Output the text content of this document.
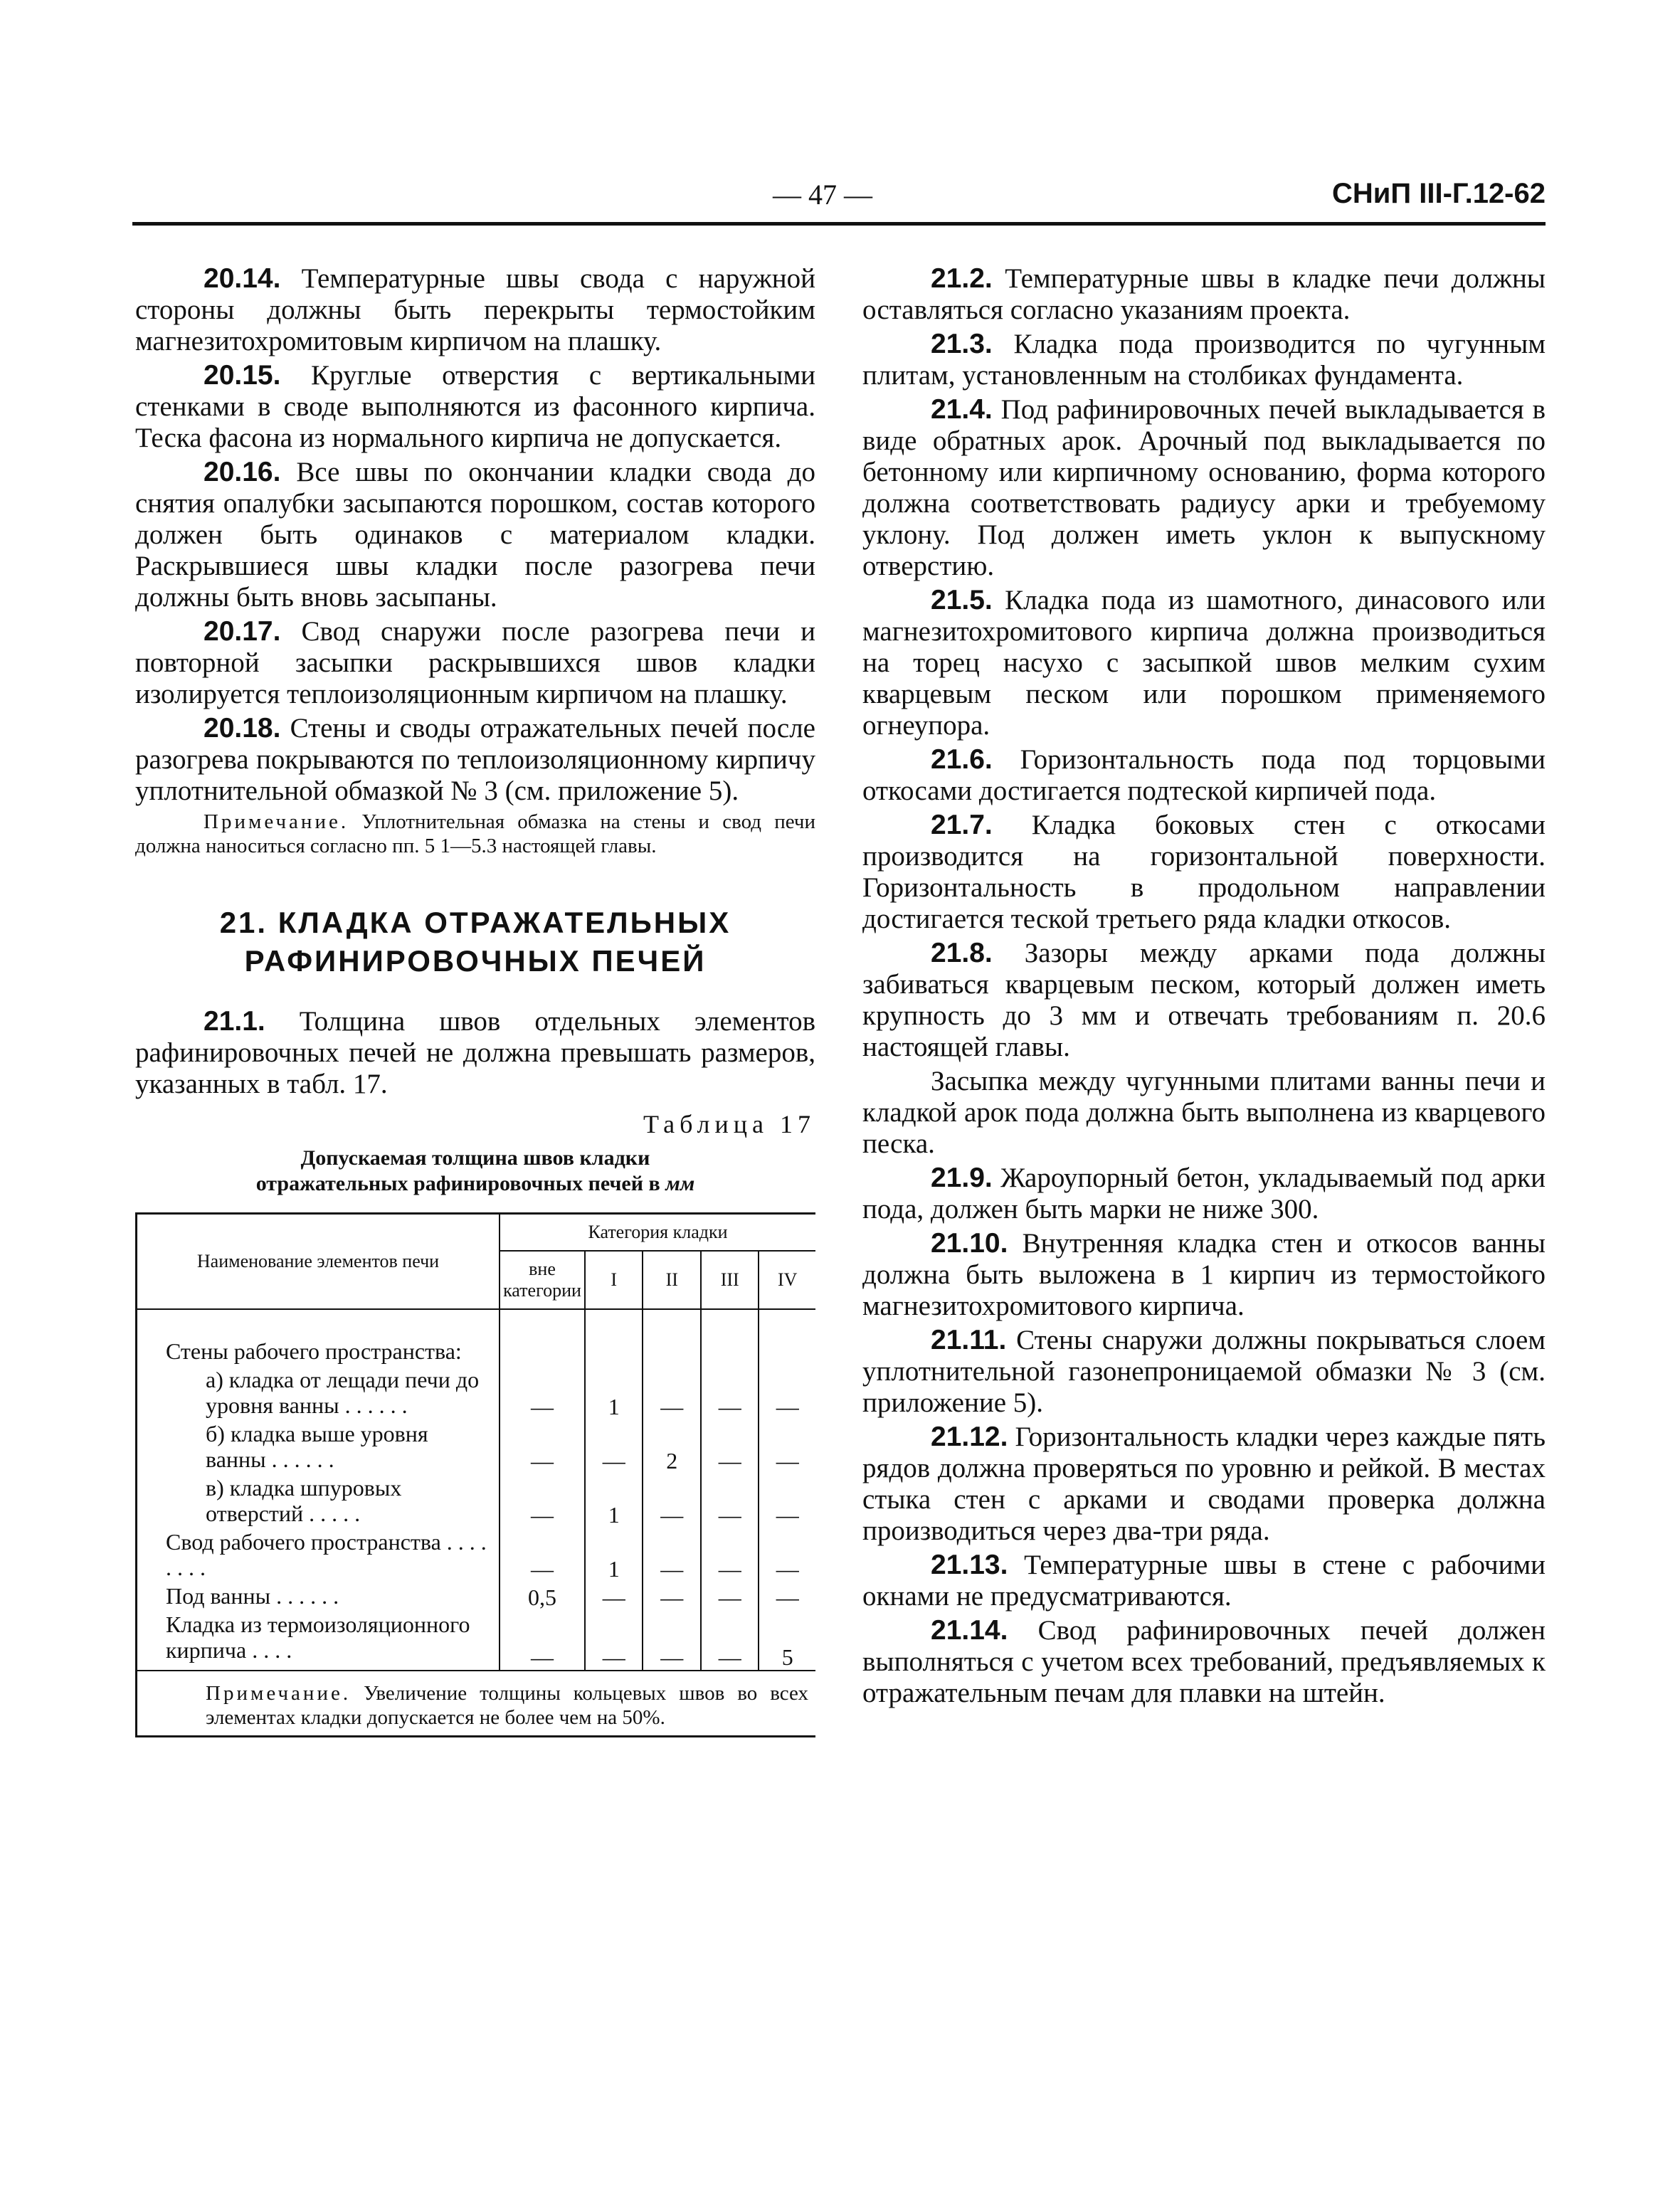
— 47 —	СНиП III-Г.12-62

20.14. Температурные швы свода с наружной стороны должны быть перекрыты термостойким магнезитохромитовым кирпичом на плашку.

20.15. Круглые отверстия с вертикальными стенками в своде выполняются из фасонного кирпича. Теска фасона из нормального кирпича не допускается.

20.16. Все швы по окончании кладки свода до снятия опалубки засыпаются порошком, состав которого должен быть одинаков с материалом кладки. Раскрывшиеся швы кладки после разогрева печи должны быть вновь засыпаны.

20.17. Свод снаружи после разогрева печи и повторной засыпки раскрывшихся швов кладки изолируется теплоизоляционным кирпичом на плашку.

20.18. Стены и своды отражательных печей после разогрева покрываются по теплоизоляционному кирпичу уплотнительной обмазкой № 3 (см. приложение 5).

Примечание. Уплотнительная обмазка на стены и свод печи должна наноситься согласно пп. 5 1—5.3 настоящей главы.

21. КЛАДКА ОТРАЖАТЕЛЬНЫХ
РАФИНИРОВОЧНЫХ ПЕЧЕЙ

21.1. Толщина швов отдельных элементов рафинировочных печей не должна превышать размеров, указанных в табл. 17.

Таблица 17
Допускаемая толщина швов кладки
отражательных рафинировочных печей в мм
Наименование элементов печи	Категория кладки				
	вне категории	I	II	III	IV
Стены рабочего пространства:					
а) кладка от лещади печи до уровня ванны . . . . . .	—	1	—	—	—
б) кладка выше уровня ванны . . . . . .	—	—	2	—	—
в) кладка шпуровых отверстий . . . . .	—	1	—	—	—
Свод рабочего пространства . . . . . . . .	—	1	—	—	—
Под ванны . . . . . .	0,5	—	—	—	—
Кладка из термоизоляционного кирпича . . . .	—	—	—	—	5
Примечание. Увеличение толщины кольцевых швов во всех элементах кладки допускается не более чем на 50%.					

21.2. Температурные швы в кладке печи должны оставляться согласно указаниям проекта.

21.3. Кладка пода производится по чугунным плитам, установленным на столбиках фундамента.

21.4. Под рафинировочных печей выкладывается в виде обратных арок. Арочный под выкладывается по бетонному или кирпичному основанию, форма которого должна соответствовать радиусу арки и требуемому уклону. Под должен иметь уклон к выпускному отверстию.

21.5. Кладка пода из шамотного, динасового или магнезитохромитового кирпича должна производиться на торец насухо с засыпкой швов мелким сухим кварцевым песком или порошком применяемого огнеупора.

21.6. Горизонтальность пода под торцовыми откосами достигается подтеской кирпичей пода.

21.7. Кладка боковых стен с откосами производится на горизонтальной поверхности. Горизонтальность в продольном направлении достигается теской третьего ряда кладки откосов.

21.8. Зазоры между арками пода должны забиваться кварцевым песком, который должен иметь крупность до 3 мм и отвечать требованиям п. 20.6 настоящей главы.

Засыпка между чугунными плитами ванны печи и кладкой арок пода должна быть выполнена из кварцевого песка.

21.9. Жароупорный бетон, укладываемый под арки пода, должен быть марки не ниже 300.

21.10. Внутренняя кладка стен и откосов ванны должна быть выложена в 1 кирпич из термостойкого магнезитохромитового кирпича.

21.11. Стены снаружи должны покрываться слоем уплотнительной газонепроницаемой обмазки № 3 (см. приложение 5).

21.12. Горизонтальность кладки через каждые пять рядов должна проверяться по уровню и рейкой. В местах стыка стен с арками и сводами проверка должна производиться через два-три ряда.

21.13. Температурные швы в стене с рабочими окнами не предусматриваются.

21.14. Свод рафинировочных печей должен выполняться с учетом всех требований, предъявляемых к отражательным печам для плавки на штейн.
